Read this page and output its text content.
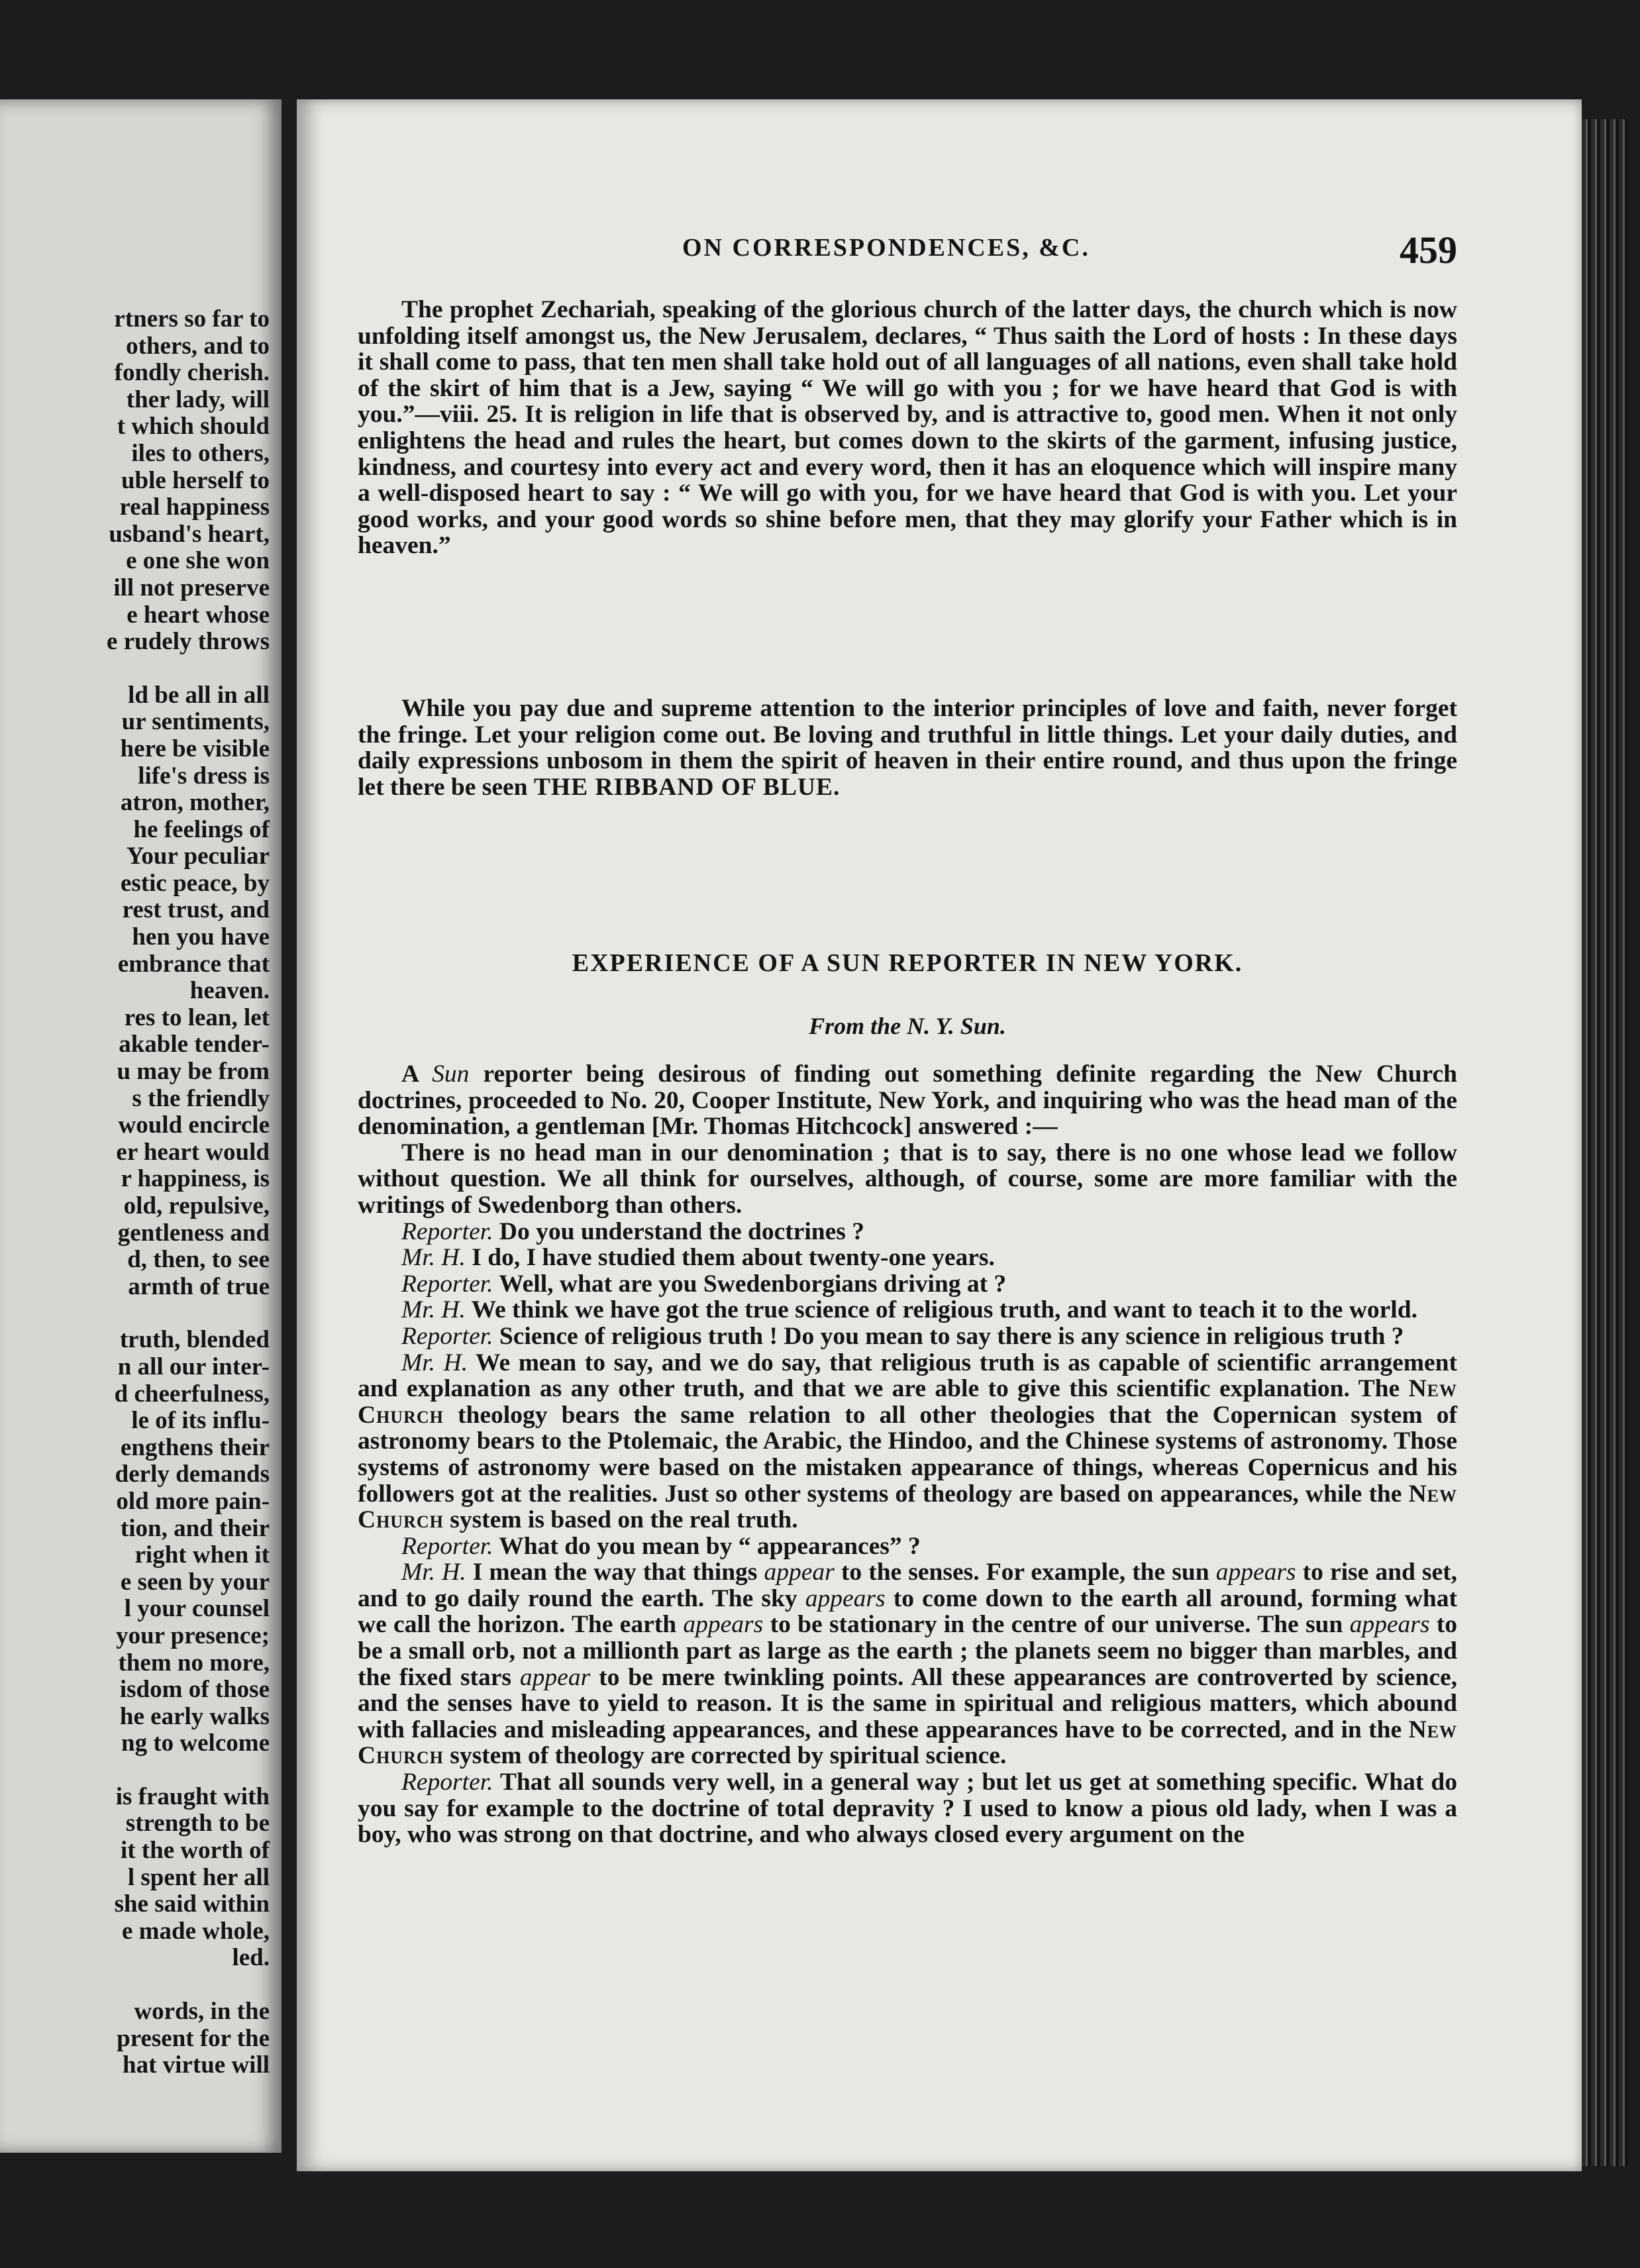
rtners so far to
others, and to
fondly cherish.
ther lady, will
t which should
iles to others,
uble herself to
real happiness
usband's heart,
e one she won
ill not preserve
e heart whose
e rudely throws
ld be all in all
ur sentiments,
here be visible
life's dress is
atron, mother,
he feelings of
Your peculiar
estic peace, by
rest trust, and
hen you have
embrance that
heaven.
res to lean, let
akable tender-
u may be from
s the friendly
would encircle
er heart would
r happiness, is
old, repulsive,
gentleness and
d, then, to see
armth of true
truth, blended
n all our inter-
d cheerfulness,
le of its influ-
engthens their
derly demands
old more pain-
tion, and their
right when it
e seen by your
l your counsel
your presence;
them no more,
isdom of those
he early walks
ng to welcome
is fraught with
strength to be
it the worth of
l spent her all
she said within
e made whole,
led.
words, in the
present for the
hat virtue will
ON CORRESPONDENCES, &C.	459

The prophet Zechariah, speaking of the glorious church of the latter days, the church which is now unfolding itself amongst us, the New Jerusalem, declares, “ Thus saith the Lord of hosts : In these days it shall come to pass, that ten men shall take hold out of all languages of all nations, even shall take hold of the skirt of him that is a Jew, saying “ We will go with you ; for we have heard that God is with you.”—viii. 25. It is religion in life that is observed by, and is attractive to, good men. When it not only enlightens the head and rules the heart, but comes down to the skirts of the garment, infusing justice, kindness, and courtesy into every act and every word, then it has an eloquence which will inspire many a well-disposed heart to say : “ We will go with you, for we have heard that God is with you. Let your good works, and your good words so shine before men, that they may glorify your Father which is in heaven.”

While you pay due and supreme attention to the interior principles of love and faith, never forget the fringe. Let your religion come out. Be loving and truthful in little things. Let your daily duties, and daily expressions unbosom in them the spirit of heaven in their entire round, and thus upon the fringe let there be seen THE RIBBAND OF BLUE.

EXPERIENCE OF A SUN REPORTER IN NEW YORK.
From the N. Y. Sun.

A Sun reporter being desirous of finding out something definite regarding the New Church doctrines, proceeded to No. 20, Cooper Institute, New York, and inquiring who was the head man of the denomination, a gentleman [Mr. Thomas Hitchcock] answered :—

There is no head man in our denomination ; that is to say, there is no one whose lead we follow without question. We all think for ourselves, although, of course, some are more familiar with the writings of Swedenborg than others.

Reporter. Do you understand the doctrines ?

Mr. H. I do, I have studied them about twenty-one years.

Reporter. Well, what are you Swedenborgians driving at ?

Mr. H. We think we have got the true science of religious truth, and want to teach it to the world.

Reporter. Science of religious truth ! Do you mean to say there is any science in religious truth ?

Mr. H. We mean to say, and we do say, that religious truth is as capable of scientific arrangement and explanation as any other truth, and that we are able to give this scientific explanation. The New Church theology bears the same relation to all other theologies that the Copernican system of astronomy bears to the Ptolemaic, the Arabic, the Hindoo, and the Chinese systems of astronomy. Those systems of astronomy were based on the mistaken appearance of things, whereas Copernicus and his followers got at the realities. Just so other systems of theology are based on appearances, while the New Church system is based on the real truth.

Reporter. What do you mean by “ appearances” ?

Mr. H. I mean the way that things appear to the senses. For example, the sun appears to rise and set, and to go daily round the earth. The sky appears to come down to the earth all around, forming what we call the horizon. The earth appears to be stationary in the centre of our universe. The sun appears to be a small orb, not a millionth part as large as the earth ; the planets seem no bigger than marbles, and the fixed stars appear to be mere twinkling points. All these appearances are controverted by science, and the senses have to yield to reason. It is the same in spiritual and religious matters, which abound with fallacies and misleading appearances, and these appearances have to be corrected, and in the New Church system of theology are corrected by spiritual science.

Reporter. That all sounds very well, in a general way ; but let us get at something specific. What do you say for example to the doctrine of total depravity ? I used to know a pious old lady, when I was a boy, who was strong on that doctrine, and who always closed every argument on the
